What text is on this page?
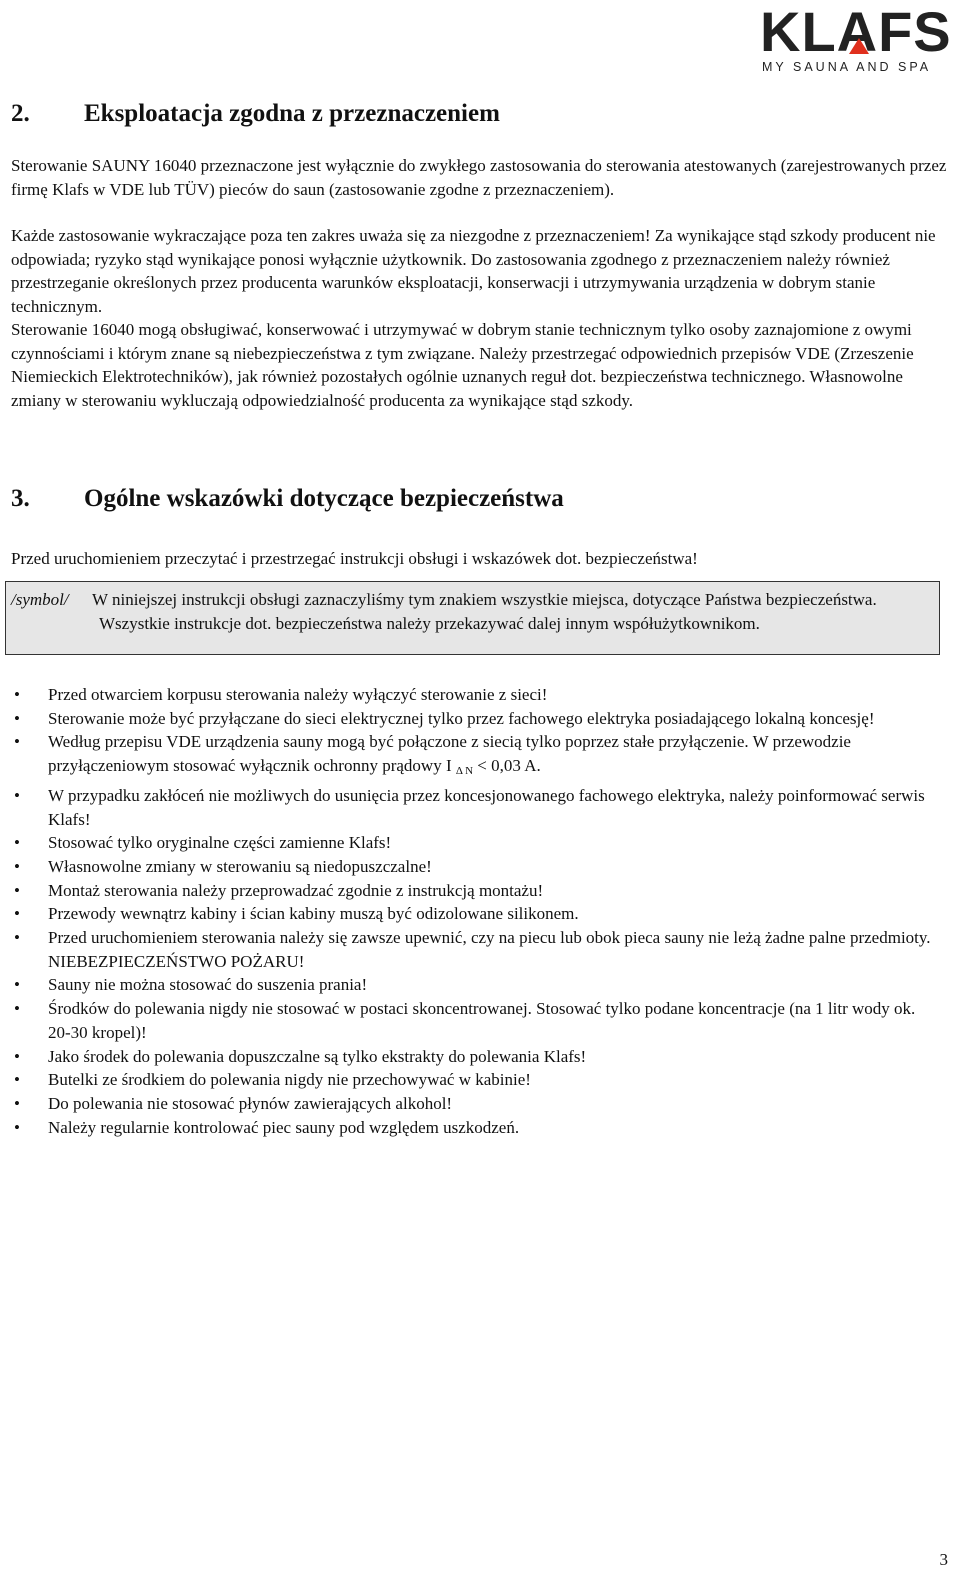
KLAFS
MY SAUNA AND SPA
2. Eksploatacja zgodna z przeznaczeniem

Sterowanie SAUNY 16040 przeznaczone jest wyłącznie do zwykłego zastosowania do sterowania atestowanych (zarejestrowanych przez firmę Klafs w VDE lub TÜV) pieców do saun (zastosowanie zgodne z przeznaczeniem).

Każde zastosowanie wykraczające poza ten zakres uważa się za niezgodne z przeznaczeniem! Za wynikające stąd szkody producent nie odpowiada; ryzyko stąd wynikające ponosi wyłącznie użytkownik. Do zastosowania zgodnego z przeznaczeniem należy również przestrzeganie określonych przez producenta warunków eksploatacji, konserwacji i utrzymywania urządzenia w dobrym stanie technicznym.

Sterowanie 16040 mogą obsługiwać, konserwować i utrzymywać w dobrym stanie technicznym tylko osoby zaznajomione z owymi czynnościami i którym znane są niebezpieczeństwa z tym związane. Należy przestrzegać odpowiednich przepisów VDE (Zrzeszenie Niemieckich Elektrotechników), jak również pozostałych ogólnie uznanych reguł dot. bezpieczeństwa technicznego. Własnowolne zmiany w sterowaniu wykluczają odpowiedzialność producenta za wynikające stąd szkody.

3. Ogólne wskazówki dotyczące bezpieczeństwa

Przed uruchomieniem przeczytać i przestrzegać instrukcji obsługi i wskazówek dot. bezpieczeństwa!

/symbol/	W niniejszej instrukcji obsługi zaznaczyliśmy tym znakiem wszystkie miejsca, dotyczące Państwa bezpieczeństwa. Wszystkie instrukcje dot. bezpieczeństwa należy przekazywać dalej innym współużytkownikom.
• Przed otwarciem korpusu sterowania należy wyłączyć sterowanie z sieci!
• Sterowanie może być przyłączane do sieci elektrycznej tylko przez fachowego elektryka posiadającego lokalną koncesję!
• Według przepisu VDE urządzenia sauny mogą być połączone z siecią tylko poprzez stałe przyłączenie. W przewodzie przyłączeniowym stosować wyłącznik ochronny prądowy I $_{\Delta N}$ < 0,03 A.
• W przypadku zakłóceń nie możliwych do usunięcia przez koncesjonowanego fachowego elektryka, należy poinformować serwis Klafs!
• Stosować tylko oryginalne części zamienne Klafs!
• Własnowolne zmiany w sterowaniu są niedopuszczalne!
• Montaż sterowania należy przeprowadzać zgodnie z instrukcją montażu!
• Przewody wewnątrz kabiny i ścian kabiny muszą być odizolowane silikonem.
• Przed uruchomieniem sterowania należy się zawsze upewnić, czy na piecu lub obok pieca sauny nie leżą żadne palne przedmioty. NIEBEZPIECZEŃSTWO POŻARU!
• Sauny nie można stosować do suszenia prania!
• Środków do polewania nigdy nie stosować w postaci skoncentrowanej. Stosować tylko podane koncentracje (na 1 litr wody ok. 20-30 kropel)!
• Jako środek do polewania dopuszczalne są tylko ekstrakty do polewania Klafs!
• Butelki ze środkiem do polewania nigdy nie przechowywać w kabinie!
• Do polewania nie stosować płynów zawierających alkohol!
• Należy regularnie kontrolować piec sauny pod względem uszkodzeń.
3
